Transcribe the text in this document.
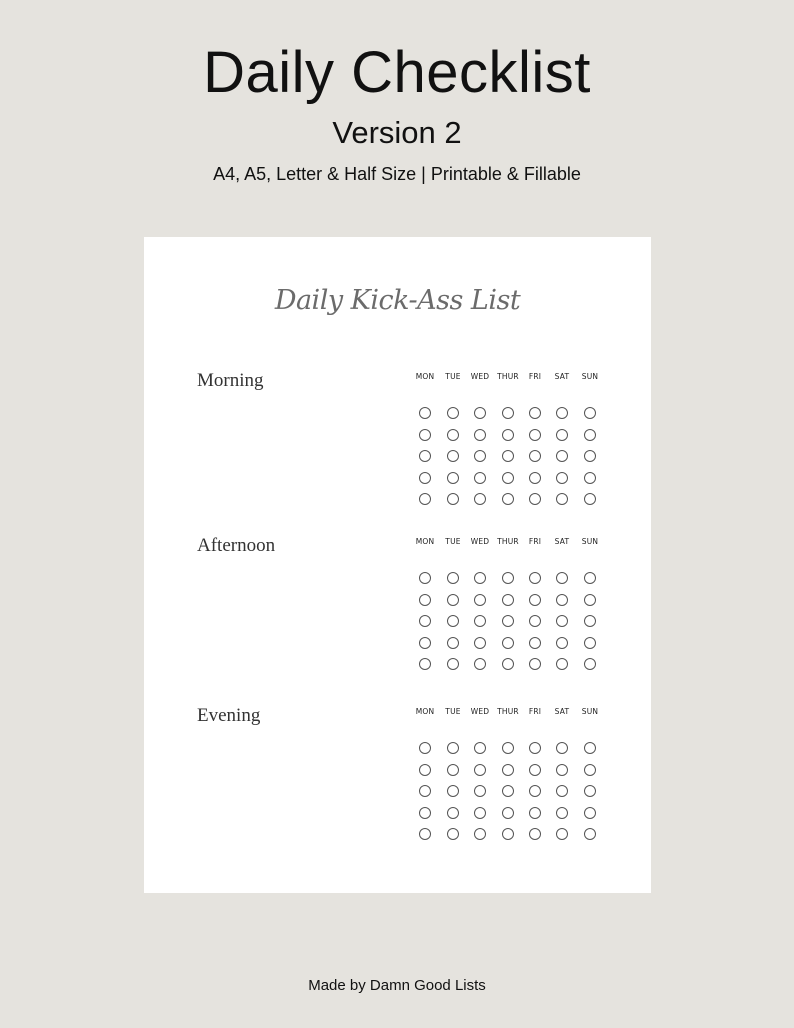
Daily Checklist
Version 2
A4, A5, Letter & Half Size | Printable & Fillable
Daily Kick-Ass List
Morning	MON	TUE	WED	THUR	FRI	SAT	SUN
Afternoon	MON	TUE	WED	THUR	FRI	SAT	SUN
Evening	MON	TUE	WED	THUR	FRI	SAT	SUN
Made by Damn Good Lists
